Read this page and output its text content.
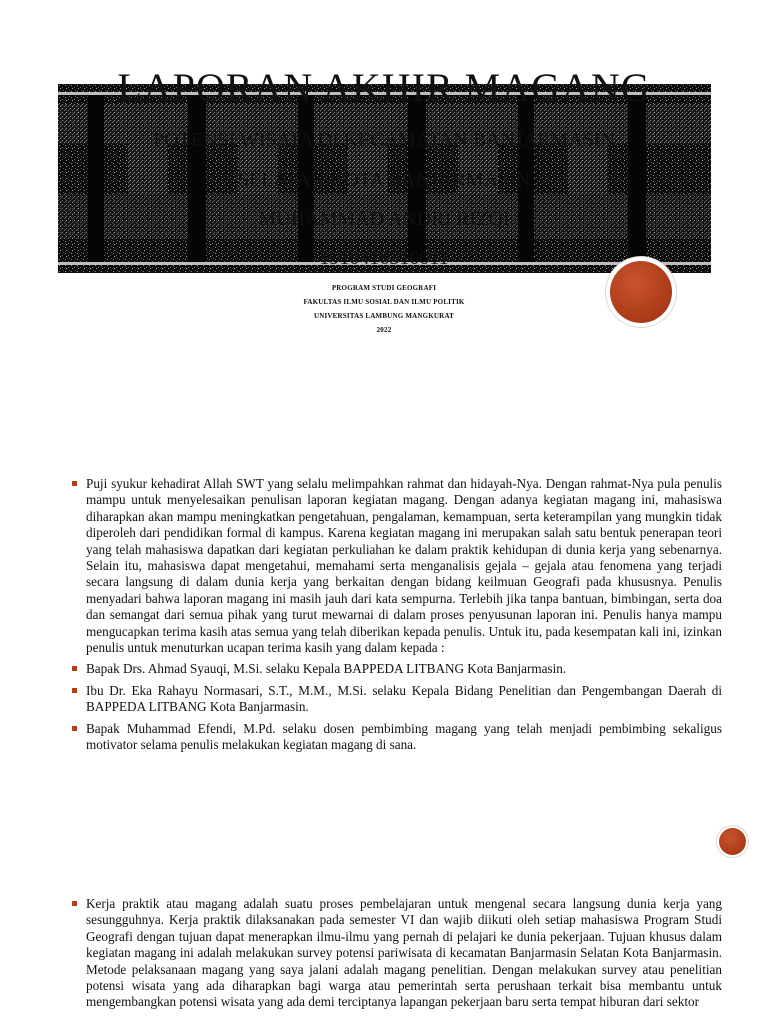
LAPORAN AKHIR MAGANG
POTENSI WISATA DI KECAMATAN BANJARMASIN
SELATAN KOTA BANJARMASIN
MUHAMMAD ANDRI RIZQI
1910416310011
PROGRAM STUDI GEOGRAFI
FAKULTAS ILMU SOSIAL DAN ILMU POLITIK
UNIVERSITAS LAMBUNG MANGKURAT
2022

Puji syukur kehadirat Allah SWT yang selalu melimpahkan rahmat dan hidayah-Nya. Dengan rahmat-Nya pula penulis mampu untuk menyelesaikan penulisan laporan kegiatan magang. Dengan adanya kegiatan magang ini, mahasiswa diharapkan akan mampu meningkatkan pengetahuan, pengalaman, kemampuan, serta keterampilan yang mungkin tidak diperoleh dari pendidikan formal di kampus. Karena kegiatan magang ini merupakan salah satu bentuk penerapan teori yang telah mahasiswa dapatkan dari kegiatan perkuliahan ke dalam praktik kehidupan di dunia kerja yang sebenarnya. Selain itu, mahasiswa dapat mengetahui, memahami serta menganalisis gejala – gejala atau fenomena yang terjadi secara langsung di dalam dunia kerja yang berkaitan dengan bidang keilmuan Geografi pada khususnya. Penulis menyadari bahwa laporan magang ini masih jauh dari kata sempurna. Terlebih jika tanpa bantuan, bimbingan, serta doa dan semangat dari semua pihak yang turut mewarnai di dalam proses penyusunan laporan ini. Penulis hanya mampu mengucapkan terima kasih atas semua yang telah diberikan kepada penulis. Untuk itu, pada kesempatan kali ini, izinkan penulis untuk menuturkan ucapan terima kasih yang dalam kepada :

Bapak Drs. Ahmad Syauqi, M.Si. selaku Kepala BAPPEDA LITBANG Kota Banjarmasin.

Ibu Dr. Eka Rahayu Normasari, S.T., M.M., M.Si. selaku Kepala Bidang Penelitian dan Pengembangan Daerah di BAPPEDA LITBANG Kota Banjarmasin.

Bapak Muhammad Efendi, M.Pd. selaku dosen pembimbing magang yang telah menjadi pembimbing sekaligus motivator selama penulis melakukan kegiatan magang di sana.

Kerja praktik atau magang adalah suatu proses pembelajaran untuk mengenal secara langsung dunia kerja yang sesungguhnya. Kerja praktik dilaksanakan pada semester VI dan wajib diikuti oleh setiap mahasiswa Program Studi Geografi dengan tujuan dapat menerapkan ilmu-ilmu yang pernah di pelajari ke dunia pekerjaan. Tujuan khusus dalam kegiatan magang ini adalah melakukan survey potensi pariwisata di kecamatan Banjarmasin Selatan Kota Banjarmasin. Metode pelaksanaan magang yang saya jalani adalah magang penelitian. Dengan melakukan survey atau penelitian potensi wisata yang ada diharapkan bagi warga atau pemerintah serta perushaan terkait bisa membantu untuk mengembangkan potensi wisata yang ada demi terciptanya lapangan pekerjaan baru serta tempat hiburan dari sektor
